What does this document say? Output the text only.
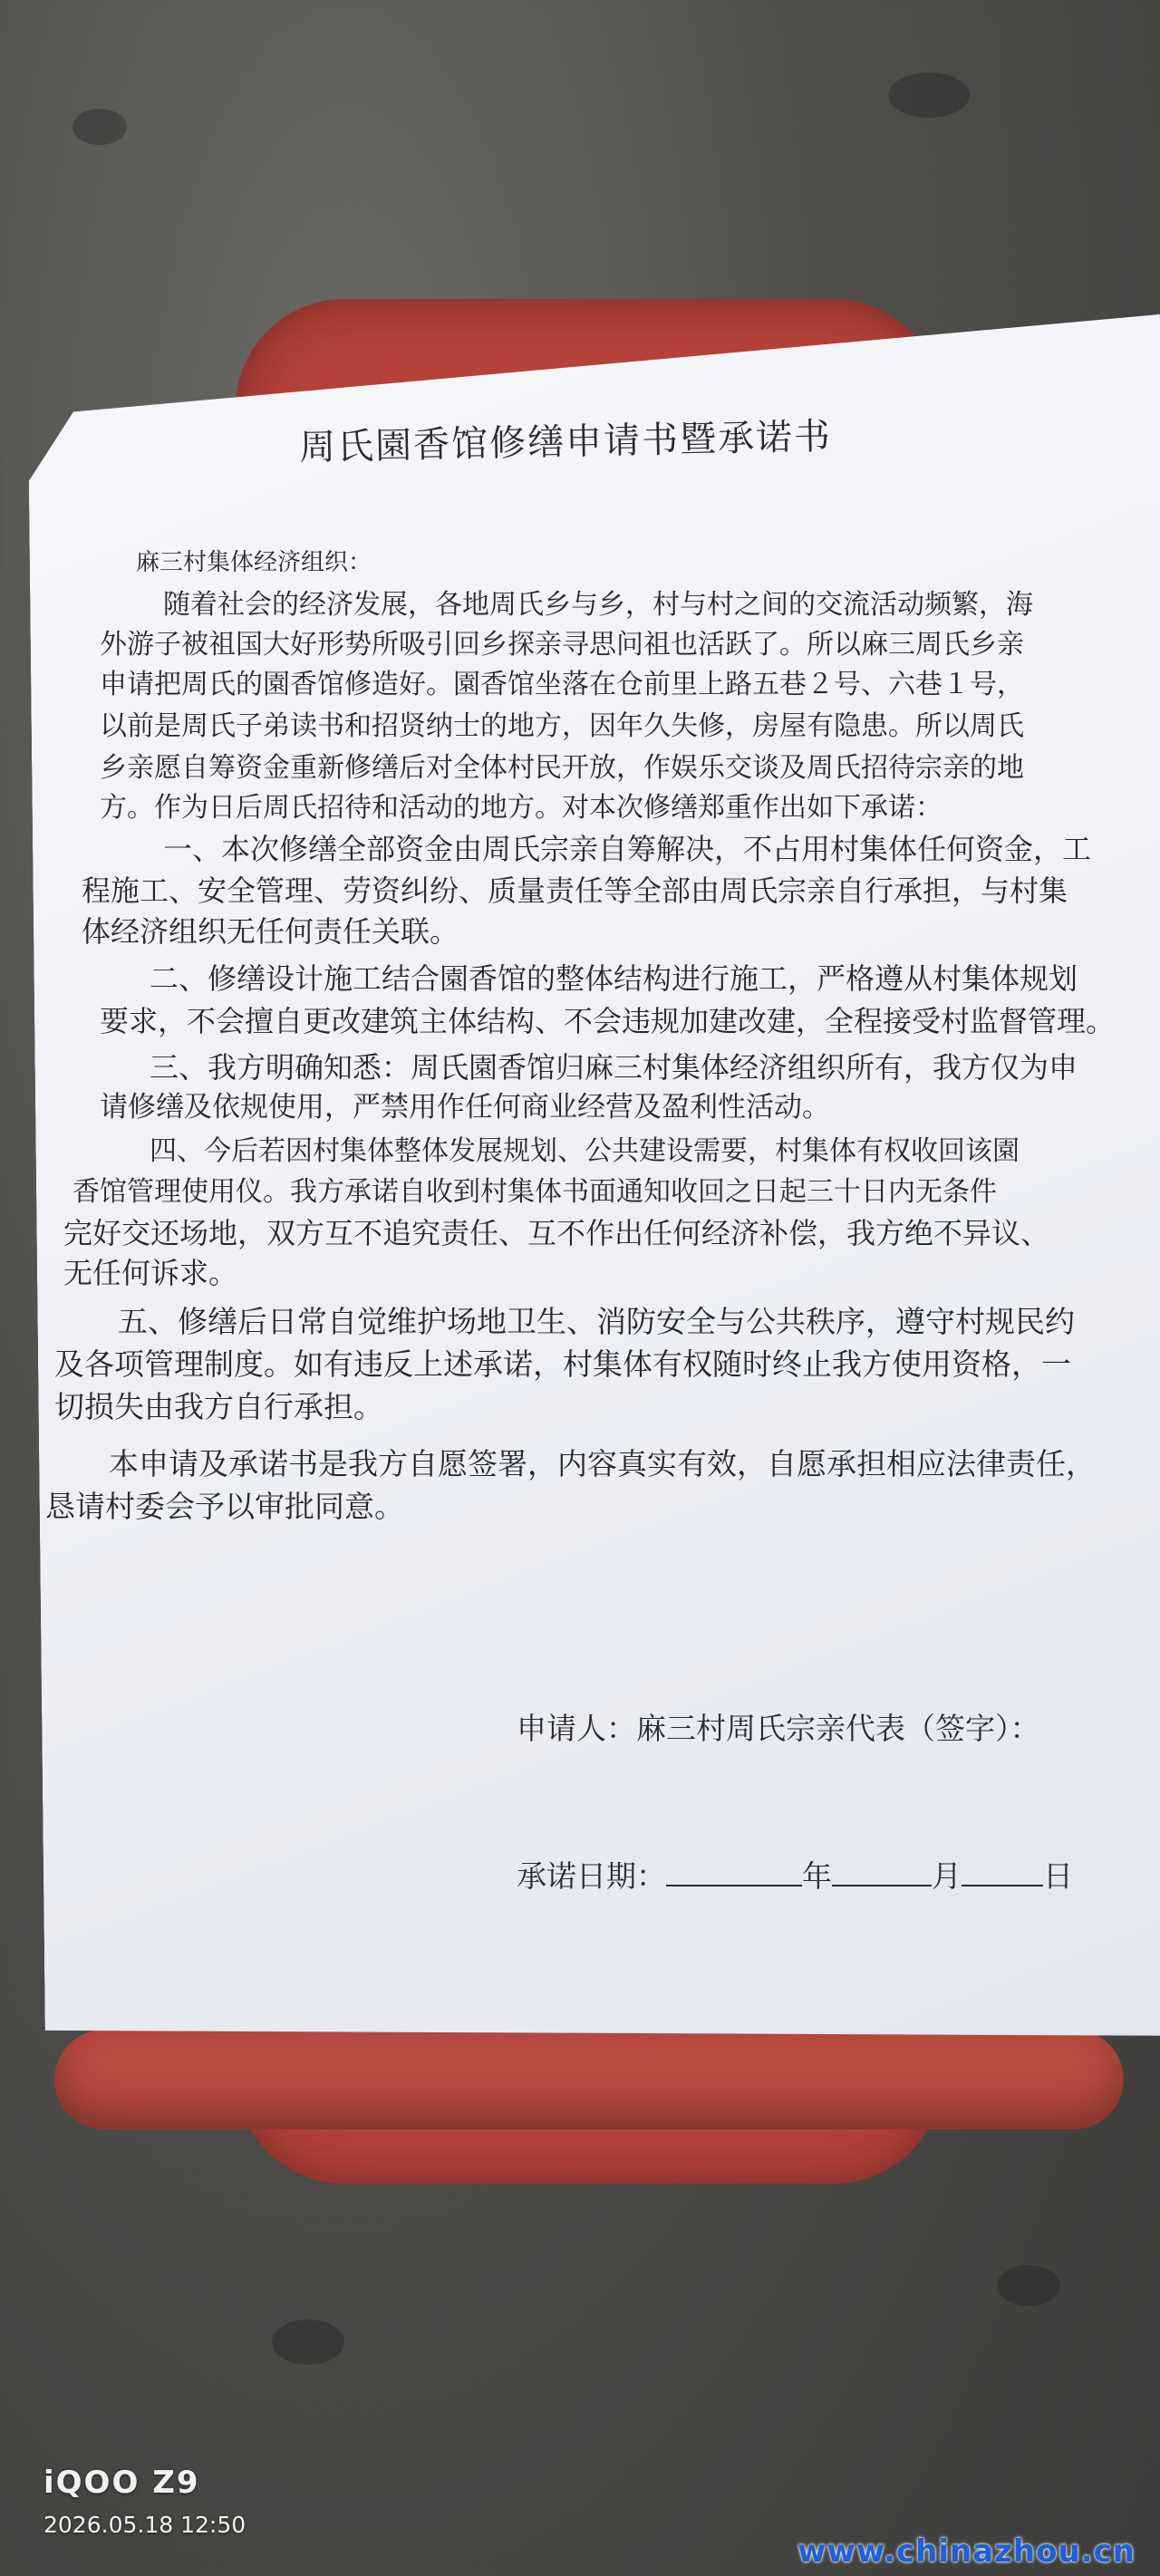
周氏園香馆修缮申请书暨承诺书
麻三村集体经济组织：
随着社会的经济发展，各地周氏乡与乡，村与村之间的交流活动频繁，海
外游子被祖国大好形势所吸引回乡探亲寻思问祖也活跃了。所以麻三周氏乡亲
申请把周氏的園香馆修造好。園香馆坐落在仓前里上路五巷２号、六巷１号，
以前是周氏子弟读书和招贤纳士的地方，因年久失修，房屋有隐患。所以周氏
乡亲愿自筹资金重新修缮后对全体村民开放，作娱乐交谈及周氏招待宗亲的地
方。作为日后周氏招待和活动的地方。对本次修缮郑重作出如下承诺：
一、本次修缮全部资金由周氏宗亲自筹解决，不占用村集体任何资金，工
程施工、安全管理、劳资纠纷、质量责任等全部由周氏宗亲自行承担，与村集
体经济组织无任何责任关联。
二、修缮设计施工结合園香馆的整体结构进行施工，严格遵从村集体规划
要求，不会擅自更改建筑主体结构、不会违规加建改建，全程接受村监督管理。
三、我方明确知悉：周氏園香馆归麻三村集体经济组织所有，我方仅为申
请修缮及依规使用，严禁用作任何商业经营及盈利性活动。
四、今后若因村集体整体发展规划、公共建设需要，村集体有权收回该園
香馆管理使用仪。我方承诺自收到村集体书面通知收回之日起三十日内无条件
完好交还场地，双方互不追究责任、互不作出任何经济补偿，我方绝不异议、
无任何诉求。
五、修缮后日常自觉维护场地卫生、消防安全与公共秩序，遵守村规民约
及各项管理制度。如有违反上述承诺，村集体有权随时终止我方使用资格，一
切损失由我方自行承担。
本申请及承诺书是我方自愿签署，内容真实有效，自愿承担相应法律责任，
恳请村委会予以审批同意。
申请人：麻三村周氏宗亲代表（签字）：
承诺日期：	年	月	日
iQOO Z9
2026.05.18 12:50
www.chinazhou.cn
